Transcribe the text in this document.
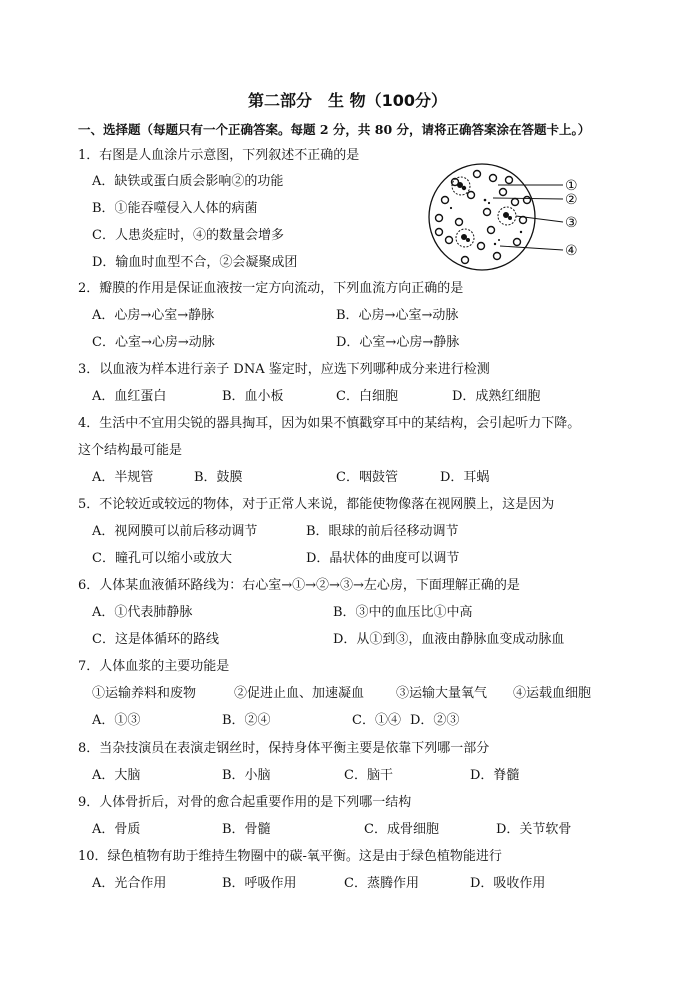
第二部分　生 物（100分）
一、选择题（每题只有一个正确答案。每题 2 分，共 80 分，请将正确答案涂在答题卡上。）
1．右图是人血涂片示意图，下列叙述不正确的是
A．缺铁或蛋白质会影响②的功能
B．①能吞噬侵入人体的病菌
C．人患炎症时，④的数量会增多
D．输血时血型不合，②会凝聚成团
①
②
③
④
2．瓣膜的作用是保证血液按一定方向流动，下列血流方向正确的是
A．心房→心室→静脉	B．心房→心室→动脉
C．心室→心房→动脉	D．心室→心房→静脉
3．以血液为样本进行亲子 DNA 鉴定时，应选下列哪种成分来进行检测
A．血红蛋白	B．血小板	C．白细胞	D．成熟红细胞
4．生活中不宜用尖锐的器具掏耳，因为如果不慎戳穿耳中的某结构，会引起听力下降。
这个结构最可能是
A．半规管	B．鼓膜	C．咽鼓管	D．耳蜗
5．不论较近或较远的物体，对于正常人来说，都能使物像落在视网膜上，这是因为
A．视网膜可以前后移动调节	B．眼球的前后径移动调节
C．瞳孔可以缩小或放大	D．晶状体的曲度可以调节
6．人体某血液循环路线为：右心室→①→②→③→左心房，下面理解正确的是
A．①代表肺静脉	B．③中的血压比①中高
C．这是体循环的路线	D．从①到③，血液由静脉血变成动脉血
7．人体血浆的主要功能是
①运输养料和废物	②促进止血、加速凝血 ③运输大量氧气 ④运载血细胞
A．①③	B．②④	C．①④ D．②③
8．当杂技演员在表演走钢丝时，保持身体平衡主要是依靠下列哪一部分
A．大脑	B．小脑	C．脑干	D．脊髓
9．人体骨折后，对骨的愈合起重要作用的是下列哪一结构
A．骨质	B．骨髓	C．成骨细胞	D．关节软骨
10．绿色植物有助于维持生物圈中的碳-氧平衡。这是由于绿色植物能进行
A．光合作用	B．呼吸作用	C．蒸腾作用	D．吸收作用
